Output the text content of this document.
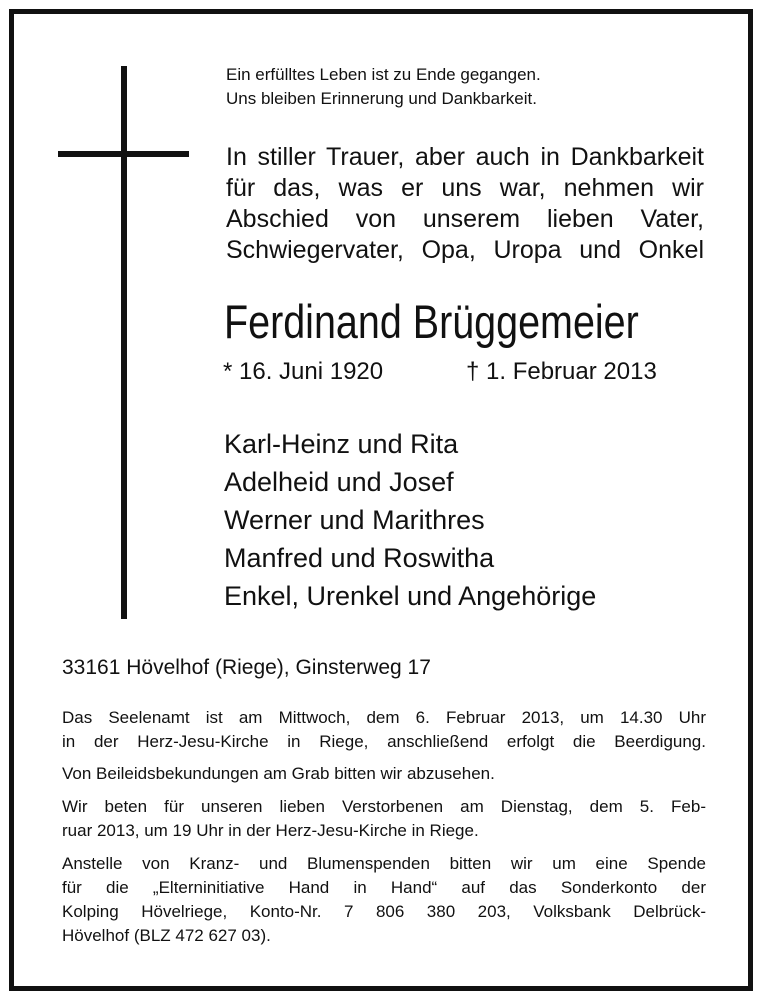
Ein erfülltes Leben ist zu Ende gegangen.
Uns bleiben Erinnerung und Dankbarkeit.
In stiller Trauer, aber auch in Dankbarkeit
für das, was er uns war, nehmen wir
Abschied von unserem lieben Vater,
Schwiegervater, Opa, Uropa und Onkel
Ferdinand Brüggemeier
* 16. Juni 1920	† 1. Februar 2013
Karl-Heinz und Rita
Adelheid und Josef
Werner und Marithres
Manfred und Roswitha
Enkel, Urenkel und Angehörige
33161 Hövelhof (Riege), Ginsterweg 17
Das Seelenamt ist am Mittwoch, dem 6. Februar 2013, um 14.30 Uhr
in der Herz-Jesu-Kirche in Riege, anschließend erfolgt die Beerdigung.
Von Beileidsbekundungen am Grab bitten wir abzusehen.
Wir beten für unseren lieben Verstorbenen am Dienstag, dem 5. Feb-
ruar 2013, um 19 Uhr in der Herz-Jesu-Kirche in Riege.
Anstelle von Kranz- und Blumenspenden bitten wir um eine Spende
für die „Elterninitiative Hand in Hand“ auf das Sonderkonto der
Kolping Hövelriege, Konto-Nr. 7 806 380 203, Volksbank Delbrück-
Hövelhof (BLZ 472 627 03).
